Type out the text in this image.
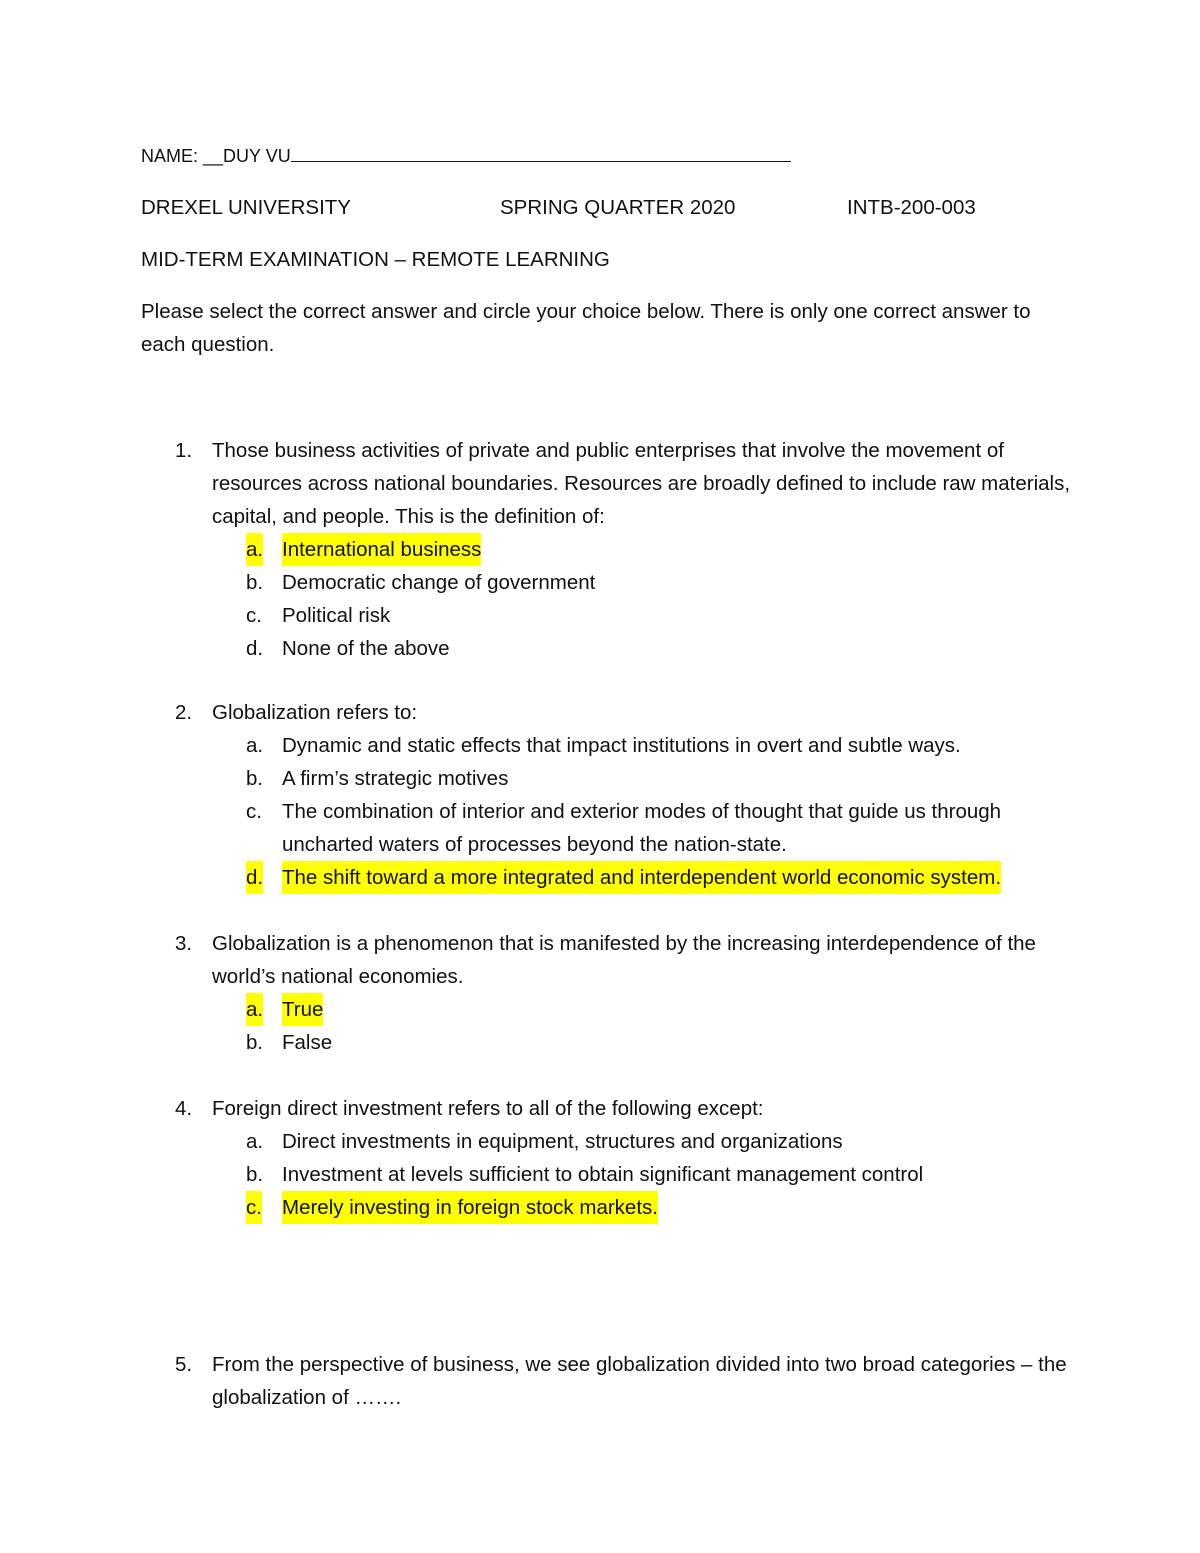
NAME: __DUY VU
DREXEL UNIVERSITY	SPRING QUARTER 2020	INTB-200-003
MID-TERM EXAMINATION – REMOTE LEARNING

Please select the correct answer and circle your choice below. There is only one correct answer to each question.

1. Those business activities of private and public enterprises that involve the movement of resources across national boundaries. Resources are broadly defined to include raw materials, capital, and people. This is the definition of:
a. International business
b. Democratic change of government
c. Political risk
d. None of the above
2. Globalization refers to:
a. Dynamic and static effects that impact institutions in overt and subtle ways.
b. A firm’s strategic motives
c. The combination of interior and exterior modes of thought that guide us through uncharted waters of processes beyond the nation-state.
d. The shift toward a more integrated and interdependent world economic system.
3. Globalization is a phenomenon that is manifested by the increasing interdependence of the world’s national economies.
a. True
b. False
4. Foreign direct investment refers to all of the following except:
a. Direct investments in equipment, structures and organizations
b. Investment at levels sufficient to obtain significant management control
c. Merely investing in foreign stock markets.
5. From the perspective of business, we see globalization divided into two broad categories – the globalization of …….
